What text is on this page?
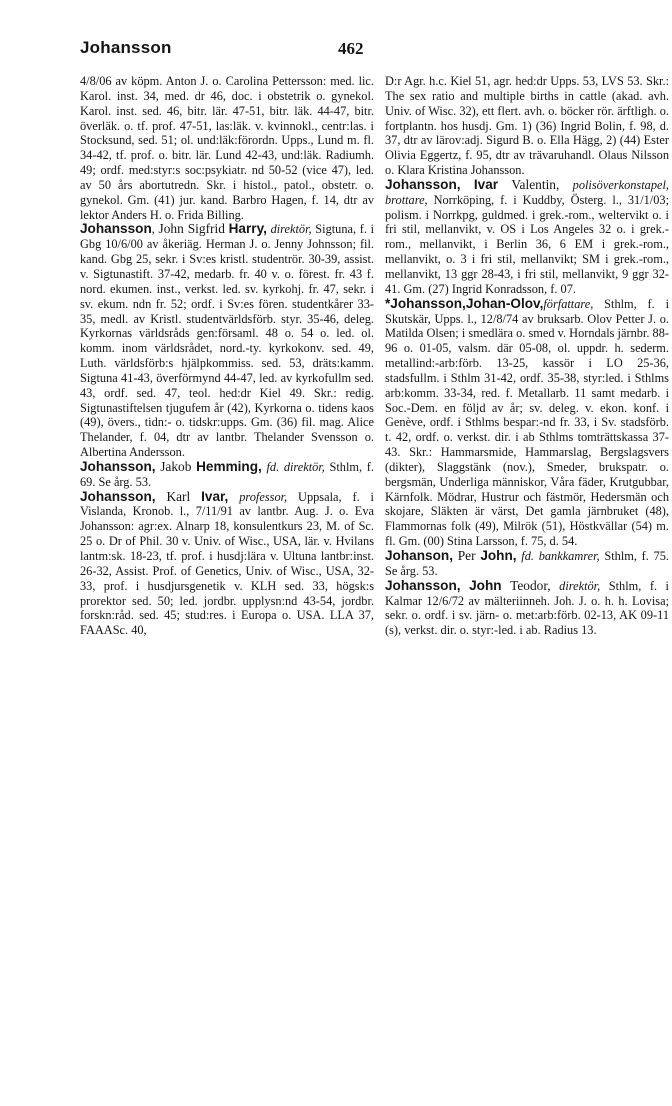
Johansson	462

4/8/06 av köpm. Anton J. o. Carolina Pettersson: med. lic. Karol. inst. 34, med. dr 46, doc. i obstetrik o. gynekol. Karol. inst. sed. 46, bitr. lär. 47-51, bitr. läk. 44-47, bitr. överläk. o. tf. prof. 47-51, las:läk. v. kvinnokl., centr:las. i Stocksund, sed. 51; ol. und:läk:förordn. Upps., Lund m. fl. 34-42, tf. prof. o. bitr. lär. Lund 42-43, und:läk. Radiumh. 49; ordf. med:styr:s soc:psykiatr. nd 50-52 (vice 47), led. av 50 års abortutredn. Skr. i histol., patol., obstetr. o. gynekol. Gm. (41) jur. kand. Barbro Hagen, f. 14, dtr av lektor Anders H. o. Frida Billing.

Johansson, John Sigfrid Harry, direktör, Sigtuna, f. i Gbg 10/6/00 av åkeriäg. Herman J. o. Jenny Johnsson; fil. kand. Gbg 25, sekr. i Sv:es kristl. studentrör. 30-39, assist. v. Sigtunastift. 37-42, medarb. fr. 40 v. o. förest. fr. 43 f. nord. ekumen. inst., verkst. led. sv. kyrkohj. fr. 47, sekr. i sv. ekum. ndn fr. 52; ordf. i Sv:es fören. studentkårer 33-35, medl. av Kristl. studentvärldsförb. styr. 35-46, deleg. Kyrkornas världsråds gen:församl. 48 o. 54 o. led. ol. komm. inom världsrådet, nord.-ty. kyrkokonv. sed. 49, Luth. världsförb:s hjälpkommiss. sed. 53, dräts:kamm. Sigtuna 41-43, överförmynd 44-47, led. av kyrkofullm sed. 43, ordf. sed. 47, teol. hed:dr Kiel 49. Skr.: redig. Sigtunastiftelsen tjugufem år (42), Kyrkorna o. tidens kaos (49), övers., tidn:- o. tidskr:upps. Gm. (36) fil. mag. Alice Thelander, f. 04, dtr av lantbr. Thelander Svensson o. Albertina Andersson.

Johansson, Jakob Hemming, fd. direktör, Sthlm, f. 69. Se årg. 53.

Johansson, Karl Ivar, professor, Uppsala, f. i Vislanda, Kronob. l., 7/11/91 av lantbr. Aug. J. o. Eva Johansson: agr:ex. Alnarp 18, konsulentkurs 23, M. of Sc. 25 o. Dr of Phil. 30 v. Univ. of Wisc., USA, lär. v. Hvilans lantm:sk. 18-23, tf. prof. i husdj:lära v. Ultuna lantbr:inst. 26-32, Assist. Prof. of Genetics, Univ. of Wisc., USA, 32-33, prof. i husdjursgenetik v. KLH sed. 33, högsk:s prorektor sed. 50; led. jordbr. upplysn:nd 43-54, jordbr. forskn:råd. sed. 45; stud:res. i Europa o. USA. LLA 37, FAAASc. 40,

D:r Agr. h.c. Kiel 51, agr. hed:dr Upps. 53, LVS 53. Skr.: The sex ratio and multiple births in cattle (akad. avh. Univ. of Wisc. 32), ett flert. avh. o. böcker rör. ärftligh. o. fortplantn. hos husdj. Gm. 1) (36) Ingrid Bolin, f. 98, d. 37, dtr av lärov:adj. Sigurd B. o. Ella Hägg, 2) (44) Ester Olivia Eggertz, f. 95, dtr av trävaruhandl. Olaus Nilsson o. Klara Kristina Johansson.

Johansson, Ivar Valentin, polisöverkonstapel, brottare, Norrköping, f. i Kuddby, Österg. l., 31/1/03; polism. i Norrkpg, guldmed. i grek.-rom., weltervikt o. i fri stil, mellanvikt, v. OS i Los Angeles 32 o. i grek.-rom., mellanvikt, i Berlin 36, 6 EM i grek.-rom., mellanvikt, o. 3 i fri stil, mellanvikt; SM i grek.-rom., mellanvikt, 13 ggr 28-43, i fri stil, mellanvikt, 9 ggr 32-41. Gm. (27) Ingrid Konradsson, f. 07.

*Johansson,Johan-Olov,författare, Sthlm, f. i Skutskär, Upps. l., 12/8/74 av bruksarb. Olov Petter J. o. Matilda Olsen; i smedlära o. smed v. Horndals järnbr. 88-96 o. 01-05, valsm. där 05-08, ol. uppdr. h. sederm. metallind:-arb:förb. 13-25, kassör i LO 25-36, stadsfullm. i Sthlm 31-42, ordf. 35-38, styr:led. i Sthlms arb:komm. 33-34, red. f. Metallarb. 11 samt medarb. i Soc.-Dem. en följd av år; sv. deleg. v. ekon. konf. i Genève, ordf. i Sthlms bespar:-nd fr. 33, i Sv. stadsförb. t. 42, ordf. o. verkst. dir. i ab Sthlms tomträttskassa 37-43. Skr.: Hammarsmide, Hammarslag, Bergslagsvers (dikter), Slaggstänk (nov.), Smeder, brukspatr. o. bergsmän, Underliga människor, Våra fäder, Krutgubbar, Kärnfolk. Mödrar, Hustrur och fästmör, Hedersmän och skojare, Släkten är värst, Det gamla järnbruket (48), Flammornas folk (49), Milrök (51), Höstkvällar (54) m. fl. Gm. (00) Stina Larsson, f. 75, d. 54.

Johanson, Per John, fd. bankkamrer, Sthlm, f. 75. Se årg. 53.

Johansson, John Teodor, direktör, Sthlm, f. i Kalmar 12/6/72 av mälteriinneh. Joh. J. o. h. h. Lovisa; sekr. o. ordf. i sv. järn- o. met:arb:förb. 02-13, AK 09-11 (s), verkst. dir. o. styr:-led. i ab. Radius 13.
